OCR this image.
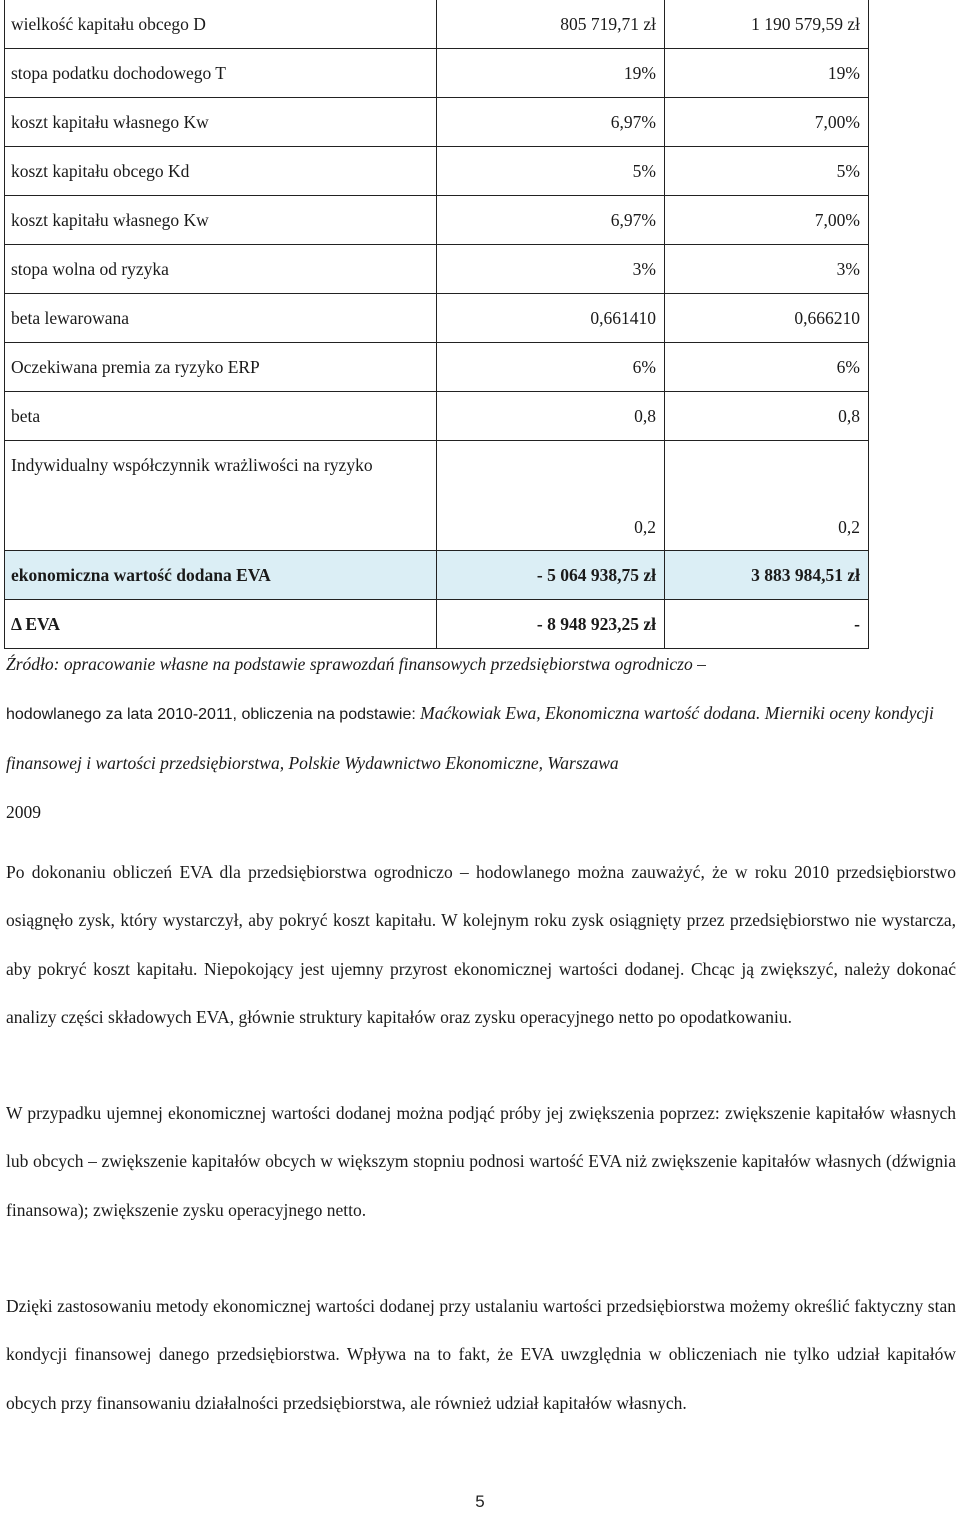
wielkość kapitału obcego D	805 719,71 zł	1 190 579,59 zł
stopa podatku dochodowego T	19%	19%
koszt kapitału własnego Kw	6,97%	7,00%
koszt kapitału obcego Kd	5%	5%
koszt kapitału własnego Kw	6,97%	7,00%
stopa wolna od ryzyka	3%	3%
beta lewarowana	0,661410	0,666210
Oczekiwana premia za ryzyko ERP	6%	6%
beta	0,8	0,8
Indywidualny współczynnik wrażliwości na ryzyko	0,2	0,2
ekonomiczna wartość dodana EVA	- 5 064 938,75 zł	3 883 984,51 zł
Δ EVA	- 8 948 923,25 zł	-
Źródło: opracowanie własne na podstawie sprawozdań finansowych przedsiębiorstwa ogrodniczo –
hodowlanego za lata 2010-2011, obliczenia na podstawie: Maćkowiak Ewa, Ekonomiczna wartość dodana. Mierniki oceny kondycji finansowej i wartości przedsiębiorstwa, Polskie Wydawnictwo Ekonomiczne, Warszawa
2009

Po dokonaniu obliczeń EVA dla przedsiębiorstwa ogrodniczo – hodowlanego można zauważyć, że w roku 2010 przedsiębiorstwo osiągnęło zysk, który wystarczył, aby pokryć koszt kapitału. W kolejnym roku zysk osiągnięty przez przedsiębiorstwo nie wystarcza, aby pokryć koszt kapitału. Niepokojący jest ujemny przyrost ekonomicznej wartości dodanej. Chcąc ją zwiększyć, należy dokonać analizy części składowych EVA, głównie struktury kapitałów oraz zysku operacyjnego netto po opodatkowaniu.

W przypadku ujemnej ekonomicznej wartości dodanej można podjąć próby jej zwiększenia poprzez: zwiększenie kapitałów własnych lub obcych – zwiększenie kapitałów obcych w większym stopniu podnosi wartość EVA niż zwiększenie kapitałów własnych (dźwignia finansowa); zwiększenie zysku operacyjnego netto.

Dzięki zastosowaniu metody ekonomicznej wartości dodanej przy ustalaniu wartości przedsiębiorstwa możemy określić faktyczny stan kondycji finansowej danego przedsiębiorstwa. Wpływa na to fakt, że EVA uwzględnia w obliczeniach nie tylko udział kapitałów obcych przy finansowaniu działalności przedsiębiorstwa, ale również udział kapitałów własnych.

5
